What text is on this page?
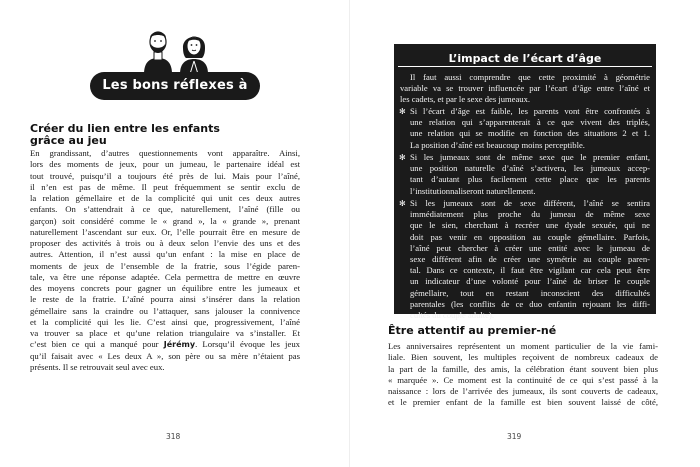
Les bons réflexes à avoir
Créer du lien entre les enfants
grâce au jeu
En grandissant, d’autres questionnements vont apparaître. Ainsi,
lors des moments de jeux, pour un jumeau, le partenaire idéal est
tout trouvé, puisqu’il a toujours été près de lui. Mais pour l’aîné,
il n’en est pas de même. Il peut fréquemment se sentir exclu de
la relation gémellaire et de la complicité qui unit ces deux autres
enfants. On s’attendrait à ce que, naturellement, l’aîné (fille ou
garçon) soit considéré comme le « grand », la « grande », prenant
naturellement l’ascendant sur eux. Or, l’elle pourrait être en mesure de
proposer des activités à trois ou à deux selon l’envie des uns et des
autres. Attention, il n’est aussi qu’un enfant : la mise en place de
moments de jeux de l’ensemble de la fratrie, sous l’égide paren-
tale, va être une réponse adaptée. Cela permettra de mettre en œuvre
des moyens concrets pour gagner un équilibre entre les jumeaux et
le reste de la fratrie. L’aîné pourra ainsi s’insérer dans la relation
gémellaire sans la craindre ou l’attaquer, sans jalouser la connivence
et la complicité qui les lie. C’est ainsi que, progressivement, l’aîné
va trouver sa place et qu’une relation triangulaire va s’installer. Et
c’est bien ce qui a manqué pour Jérémy. Lorsqu’il évoque les jeux
qu’il faisait avec « Les deux A », son père ou sa mère n’étaient pas
présents. Il se retrouvait seul avec eux.
318
L’impact de l’écart d’âge
Il faut aussi comprendre que cette proximité à géométrie
variable va se trouver influencée par l’écart d’âge entre l’aîné et
les cadets, et par le sexe des jumeaux.
✻ Si l’écart d’âge est faible, les parents vont être confrontés à
une relation qui s’apparenterait à ce que vivent des triplés,
une relation qui se modifie en fonction des situations 2 et 1.
La position d’aîné est beaucoup moins perceptible.
✻ Si les jumeaux sont de même sexe que le premier enfant,
une position naturelle d’aîné s’activera, les jumeaux accep-
tant d’autant plus facilement cette place que les parents
l’institutionnaliseront naturellement.
✻ Si les jumeaux sont de sexe différent, l’aîné se sentira
immédiatement plus proche du jumeau de même sexe
que le sien, cherchant à recréer une dyade sexuée, qui ne
doit pas venir en opposition au couple gémellaire. Parfois,
l’aîné peut chercher à créer une entité avec le jumeau de
sexe différent afin de créer une symétrie au couple paren-
tal. Dans ce contexte, il faut être vigilant car cela peut être
un indicateur d’une volonté pour l’aîné de briser le couple
gémellaire, tout en restant inconscient des difficultés
parentales (les conflits de ce duo enfantin rejouant les diffi-
cultés du couple adulte).
Être attentif au premier-né
Les anniversaires représentent un moment particulier de la vie fami-
liale. Bien souvent, les multiples reçoivent de nombreux cadeaux de
la part de la famille, des amis, la célébration étant souvent bien plus
« marquée ». Ce moment est la continuité de ce qui s’est passé à la
naissance : lors de l’arrivée des jumeaux, ils sont couverts de cadeaux,
et le premier enfant de la famille est bien souvent laissé de côté,
319
